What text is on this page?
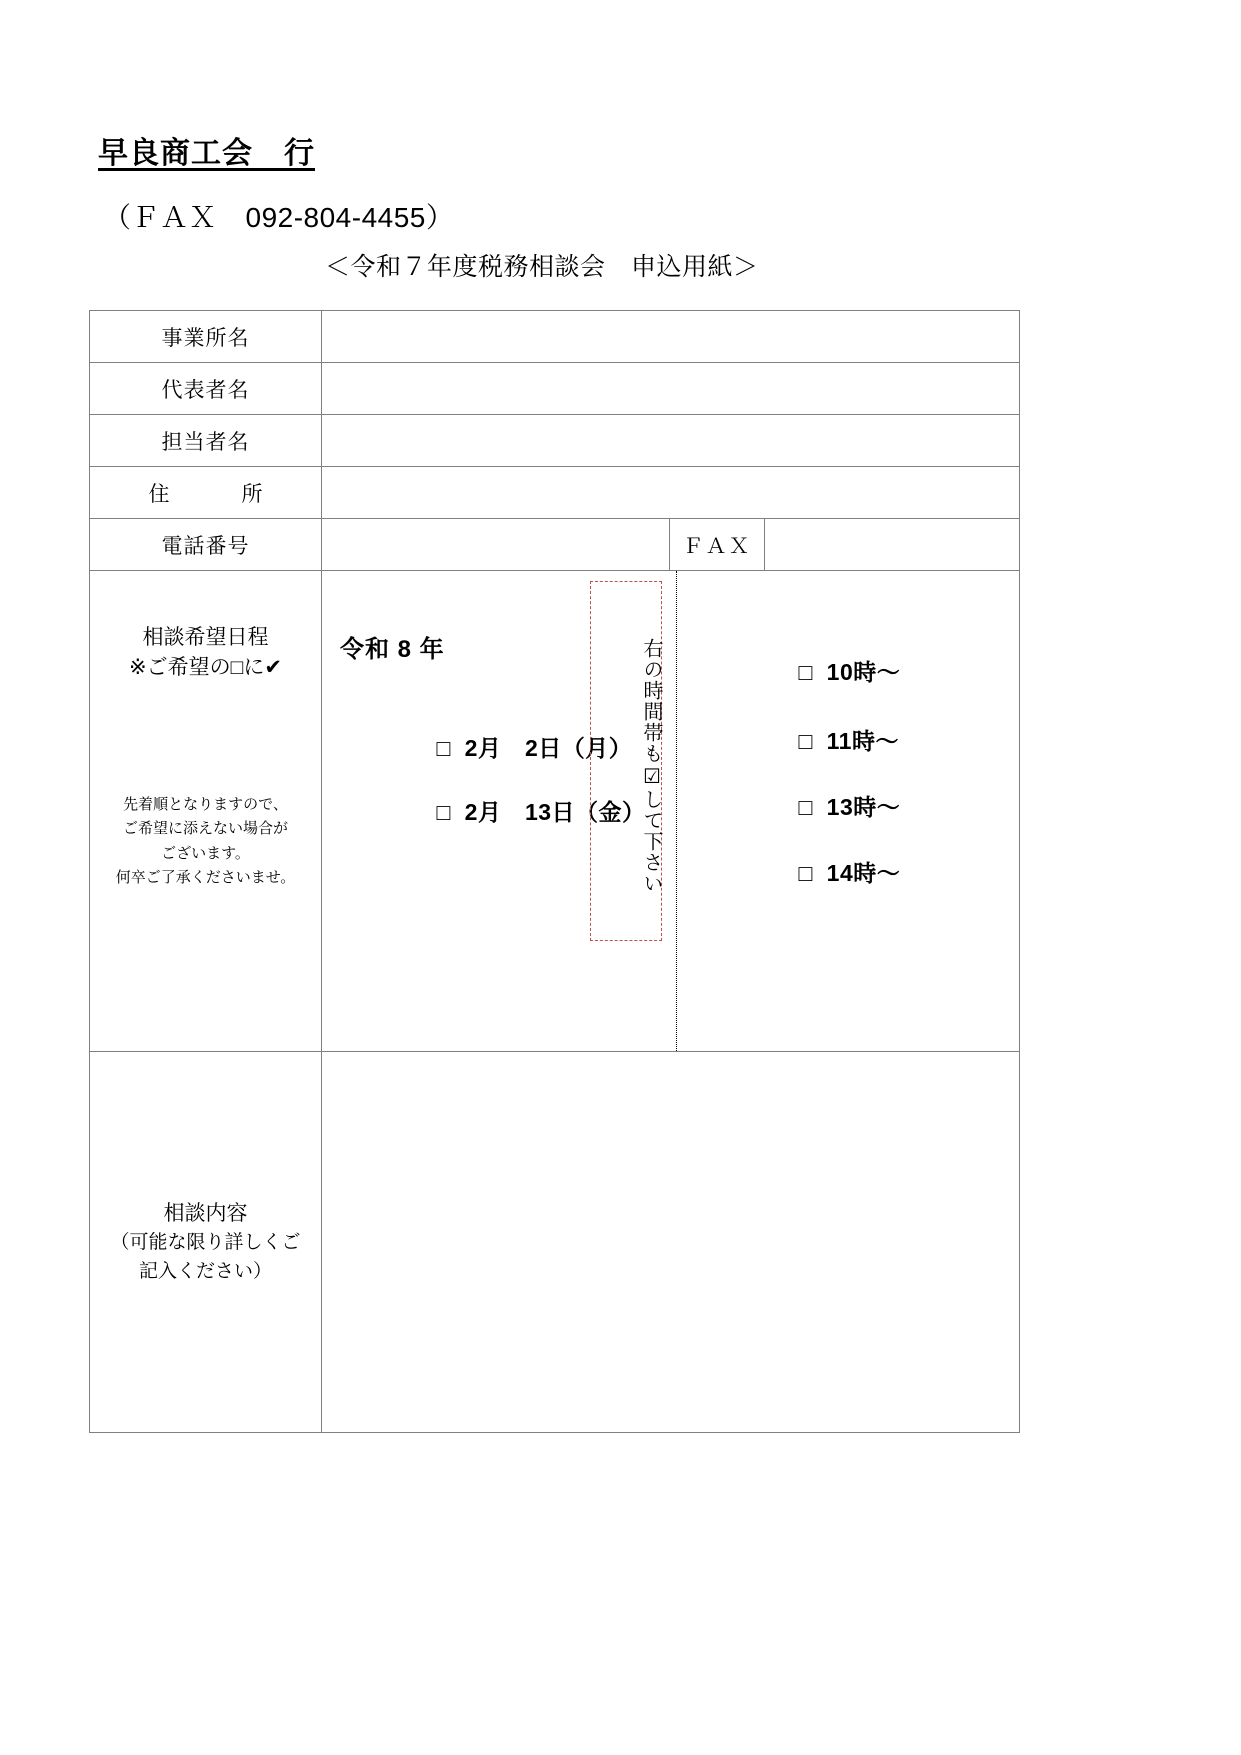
早良商工会　行
（ＦＡＸ　092-804-4455）
＜令和７年度税務相談会　申込用紙＞
事業所名			
代表者名			
担当者名			
住　　所			
電話番号		ＦＡＸ	

相談希望日程
※ご希望の□に✔
先着順となりますので、
ご希望に添えない場合が
ございます。
何卒ご了承くださいませ。

令和 8 年

□ 2月　2日（月）

□ 2月　13日（金）

右の時間帯も☑して下さい	□ 10時〜

□ 11時〜

□ 13時〜

□ 14時〜

相談内容
（可能な限り詳しくご
記入ください）			
